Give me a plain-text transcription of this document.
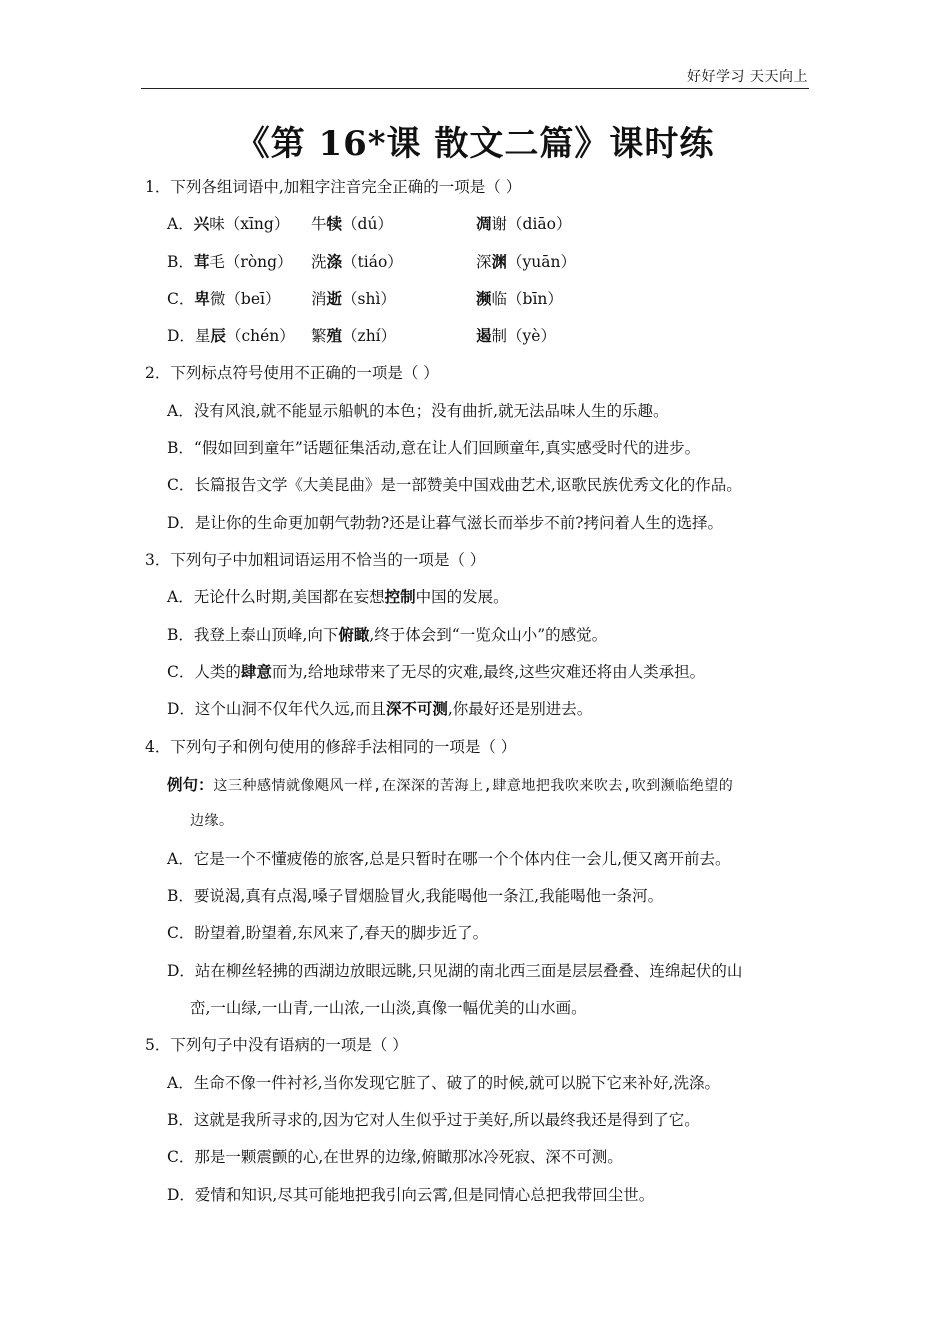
好好学习 天天向上
《第 16*课 散文二篇》课时练
1．下列各组词语中,加粗字注音完全正确的一项是（ ）
A．兴味（xīng） 牛犊（dú）	凋谢（diāo）
B．茸毛（ròng） 洗涤（tiáo）	深渊（yuān）
C．卑微（beī） 消逝（shì）	濒临（bīn）
D．星辰（chén） 繁殖（zhí）	遏制（yè）
2．下列标点符号使用不正确的一项是（ ）
A．没有风浪,就不能显示船帆的本色；没有曲折,就无法品味人生的乐趣。
B．“假如回到童年”话题征集活动,意在让人们回顾童年,真实感受时代的进步。
C．长篇报告文学《大美昆曲》是一部赞美中国戏曲艺术,讴歌民族优秀文化的作品。
D．是让你的生命更加朝气勃勃?还是让暮气滋长而举步不前?拷问着人生的选择。
3．下列句子中加粗词语运用不恰当的一项是（ ）
A．无论什么时期,美国都在妄想控制中国的发展。
B．我登上泰山顶峰,向下俯瞰,终于体会到“一览众山小”的感觉。
C．人类的肆意而为,给地球带来了无尽的灾难,最终,这些灾难还将由人类承担。
D．这个山洞不仅年代久远,而且深不可测,你最好还是别进去。
4．下列句子和例句使用的修辞手法相同的一项是（ ）
例句：这三种感情就像飓风一样,在深深的苦海上,肆意地把我吹来吹去,吹到濒临绝望的
边缘。
A．它是一个不懂疲倦的旅客,总是只暂时在哪一个个体内住一会儿,便又离开前去。
B．要说渴,真有点渴,嗓子冒烟脸冒火,我能喝他一条江,我能喝他一条河。
C．盼望着,盼望着,东风来了,春天的脚步近了。
D．站在柳丝轻拂的西湖边放眼远眺,只见湖的南北西三面是层层叠叠、连绵起伏的山
峦,一山绿,一山青,一山浓,一山淡,真像一幅优美的山水画。
5．下列句子中没有语病的一项是（ ）
A．生命不像一件衬衫,当你发现它脏了、破了的时候,就可以脱下它来补好,洗涤。
B．这就是我所寻求的,因为它对人生似乎过于美好,所以最终我还是得到了它。
C．那是一颗震颤的心,在世界的边缘,俯瞰那冰冷死寂、深不可测。
D．爱情和知识,尽其可能地把我引向云霄,但是同情心总把我带回尘世。
